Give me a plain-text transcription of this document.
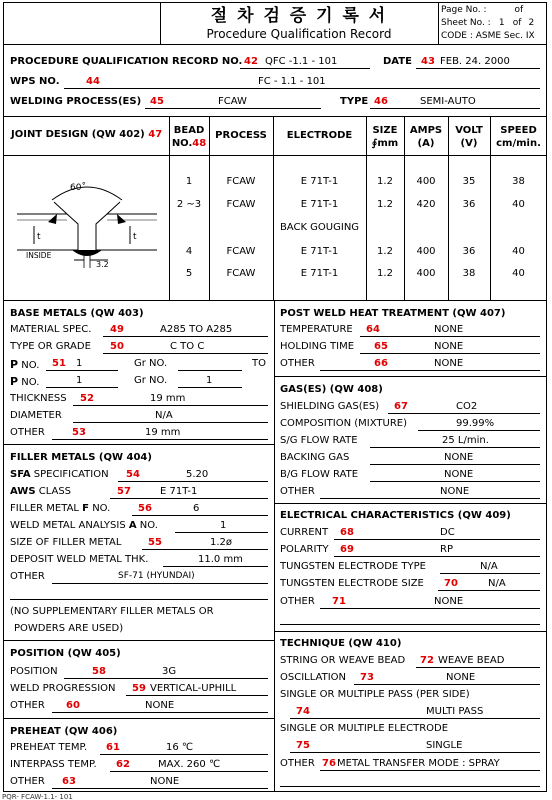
절 차 검 증 기 록 서
Procedure Qualification Record
Page No. :	of
Sheet No. : 1 of 2
CODE : ASME Sec. IX
PROCEDURE QUALIFICATION RECORD NO. 42 QFC -1.1 - 101	DATE 43 FEB. 24. 2000
WPS NO.	44	FC - 1.1 - 101
WELDING PROCESS(ES) 45	FCAW	TYPE 46	SEMI-AUTO
JOINT DESIGN (QW 402) 47	BEAD
NO.48
PROCESS	ELECTRODE	SIZE
∮mm
AMPS
(A)
VOLT
(V)
SPEED
cm/min.
1	FCAW	E 71T-1	1.2	400	35	38
2 ~3	FCAW	E 71T-1	1.2	420	36	40
BACK GOUGING
4	FCAW	E 71T-1	1.2	400	36	40
5	FCAW	E 71T-1	1.2	400	38	40
60˚
t	t
INSIDE
3.2
BASE METALS (QW 403)
MATERIAL SPEC. 49	A285 TO A285
TYPE OR GRADE 50	C TO C
P NO. 51 1	Gr NO.	TO
P NO.	1	Gr NO.	1
THICKNESS 52	19 mm
DIAMETER	N/A
OTHER	53	19 mm
FILLER METALS (QW 404)
SFA SPECIFICATION 54	5.20
AWS CLASS	57	E 71T-1
FILLER METAL F NO.	56	6
WELD METAL ANALYSIS A NO.	1
SIZE OF FILLER METAL	55	1.2ø
DEPOSIT WELD METAL THK.	11.0 mm
OTHER	SF-71 (HYUNDAI)
(NO SUPPLEMENTARY FILLER METALS OR
POWDERS ARE USED)
POSITION (QW 405)
POSITION	58	3G
WELD PROGRESSION 59 VERTICAL-UPHILL
OTHER 60	NONE
PREHEAT (QW 406)
PREHEAT TEMP. 61	16 ℃
INTERPASS TEMP. 62	MAX. 260 ℃
OTHER 63	NONE
POST WELD HEAT TREATMENT (QW 407)
TEMPERATURE 64	NONE
HOLDING TIME 65	NONE
OTHER	66	NONE
GAS(ES) (QW 408)
SHIELDING GAS(ES) 67	CO2
COMPOSITION (MIXTURE)	99.99%
S/G FLOW RATE	25 L/min.
BACKING GAS	NONE
B/G FLOW RATE	NONE
OTHER	NONE
ELECTRICAL CHARACTERISTICS (QW 409)
CURRENT 68	DC
POLARITY 69	RP
TUNGSTEN ELECTRODE TYPE	N/A
TUNGSTEN ELECTRODE SIZE 70	N/A
OTHER 71	NONE
TECHNIQUE (QW 410)
STRING OR WEAVE BEAD 72 WEAVE BEAD
OSCILLATION 73	NONE
SINGLE OR MULTIPLE PASS (PER SIDE)
74	MULTI PASS
SINGLE OR MULTIPLE ELECTRODE
75	SINGLE
OTHER 76 METAL TRANSFER MODE : SPRAY
PQR- FCAW-1.1- 101
